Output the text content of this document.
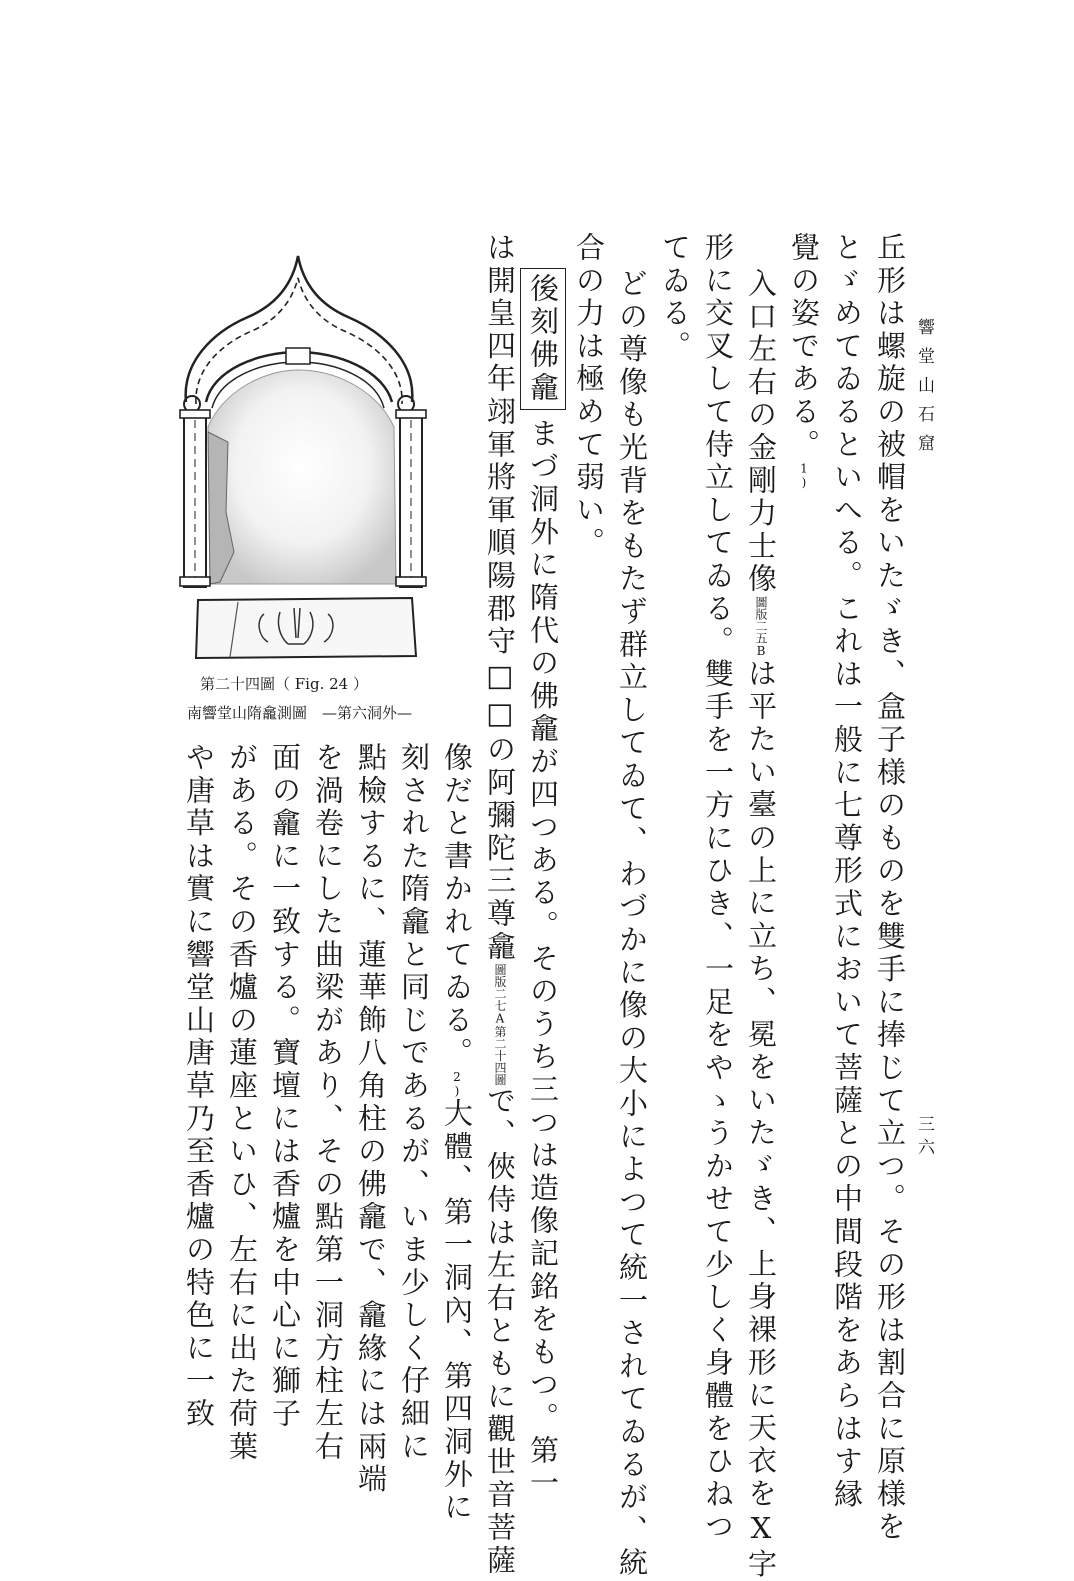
響堂山石窟
三六
丘形は螺旋の被帽をいたゞき、盒子様のものを雙手に捧じて立つ。その形は割合に原様を
とゞめてゐるといへる。これは一般に七尊形式において菩薩との中間段階をあらはす縁
覺の姿である。1)
入口左右の金剛力士像圖版二五Bは平たい臺の上に立ち、冕をいたゞき、上身裸形に天衣をX字
形に交叉して侍立してゐる。雙手を一方にひき、一足をやゝうかせて少しく身體をひねつ
てゐる。
どの尊像も光背をもたず群立してゐて、わづかに像の大小によつて統一されてゐるが、統
合の力は極めて弱い。
後刻佛龕まづ洞外に隋代の佛龕が四つある。そのうち三つは造像記銘をもつ。第一
は開皇四年翊軍將軍順陽郡守□□の阿彌陀三尊龕圖版二七A第二十四圖で、俠侍は左右ともに觀世音菩薩
像だと書かれてゐる。2)大體、第一洞內、第四洞外に
刻された隋龕と同じであるが、いま少しく仔細に
點檢するに、蓮華飾八角柱の佛龕で、龕緣には兩端
を渦卷にした曲梁があり、その點第一洞方柱左右
面の龕に一致する。寶壇には香爐を中心に獅子
がある。その香爐の蓮座といひ、左右に出た荷葉
や唐草は實に響堂山唐草乃至香爐の特色に一致
第二十四圖（ Fig. 24 ）
南響堂山隋龕測圖　—第六洞外—
